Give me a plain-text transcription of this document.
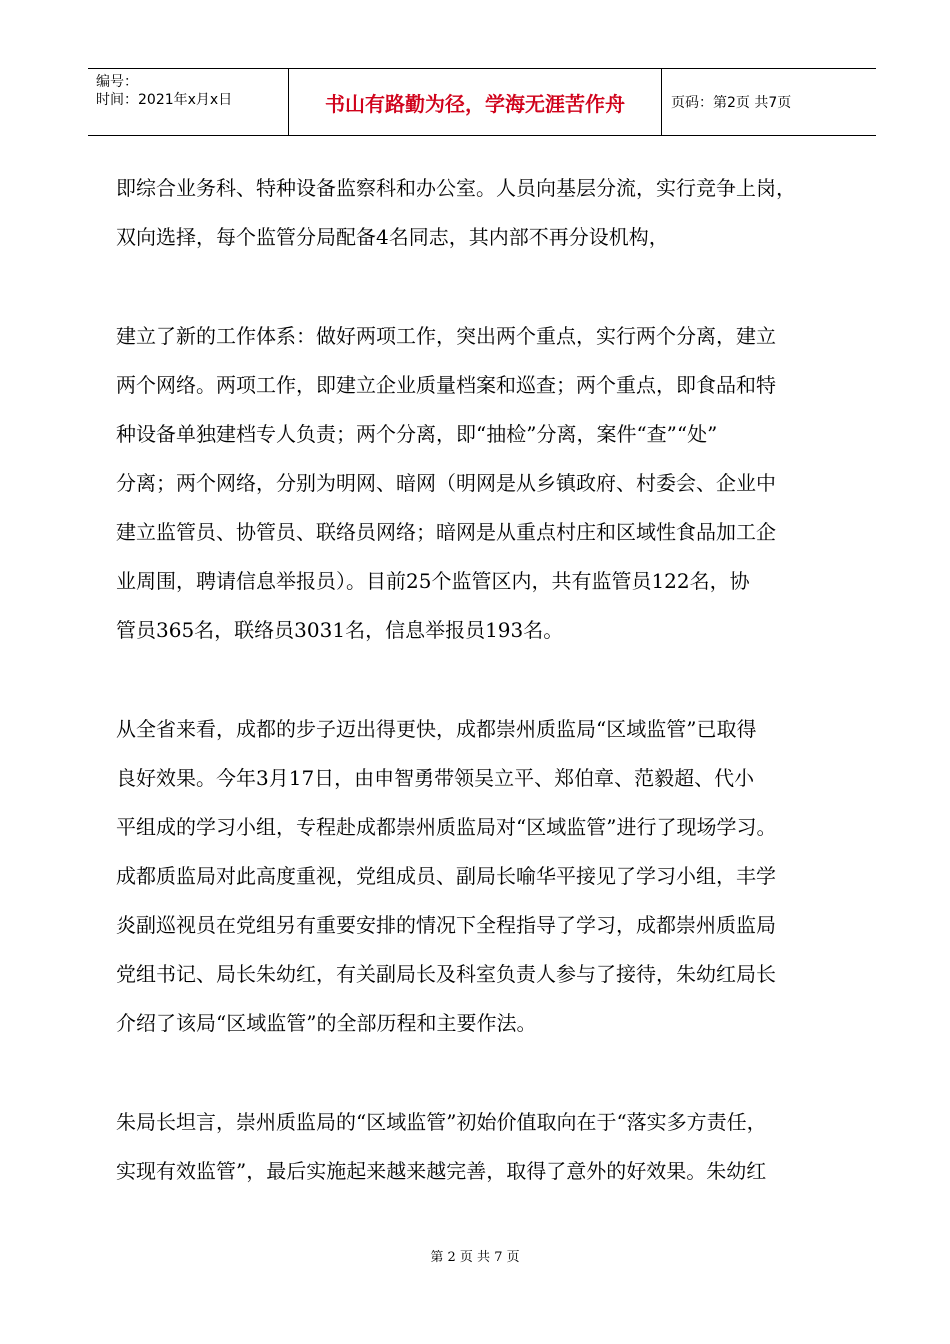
编号：
时间：2021年x月x日	书山有路勤为径，学海无涯苦作舟	页码：第2页 共7页

即综合业务科、特种设备监察科和办公室。人员向基层分流，实行竞争上岗，
双向选择，每个监管分局配备4名同志，其内部不再分设机构，

建立了新的工作体系：做好两项工作，突出两个重点，实行两个分离，建立
两个网络。两项工作，即建立企业质量档案和巡查；两个重点，即食品和特
种设备单独建档专人负责；两个分离，即“抽检”分离，案件“查”“处”
分离；两个网络，分别为明网、暗网（明网是从乡镇政府、村委会、企业中
建立监管员、协管员、联络员网络；暗网是从重点村庄和区域性食品加工企
业周围，聘请信息举报员）。目前25个监管区内，共有监管员122名，协
管员365名，联络员3031名，信息举报员193名。

从全省来看，成都的步子迈出得更快，成都崇州质监局“区域监管”已取得
良好效果。今年3月17日，由申智勇带领吴立平、郑伯章、范毅超、代小
平组成的学习小组，专程赴成都崇州质监局对“区域监管”进行了现场学习。
成都质监局对此高度重视，党组成员、副局长喻华平接见了学习小组，丰学
炎副巡视员在党组另有重要安排的情况下全程指导了学习，成都崇州质监局
党组书记、局长朱幼红，有关副局长及科室负责人参与了接待，朱幼红局长
介绍了该局“区域监管”的全部历程和主要作法。

朱局长坦言，崇州质监局的“区域监管”初始价值取向在于“落实多方责任，
实现有效监管”，最后实施起来越来越完善，取得了意外的好效果。朱幼红

第 2 页 共 7 页
